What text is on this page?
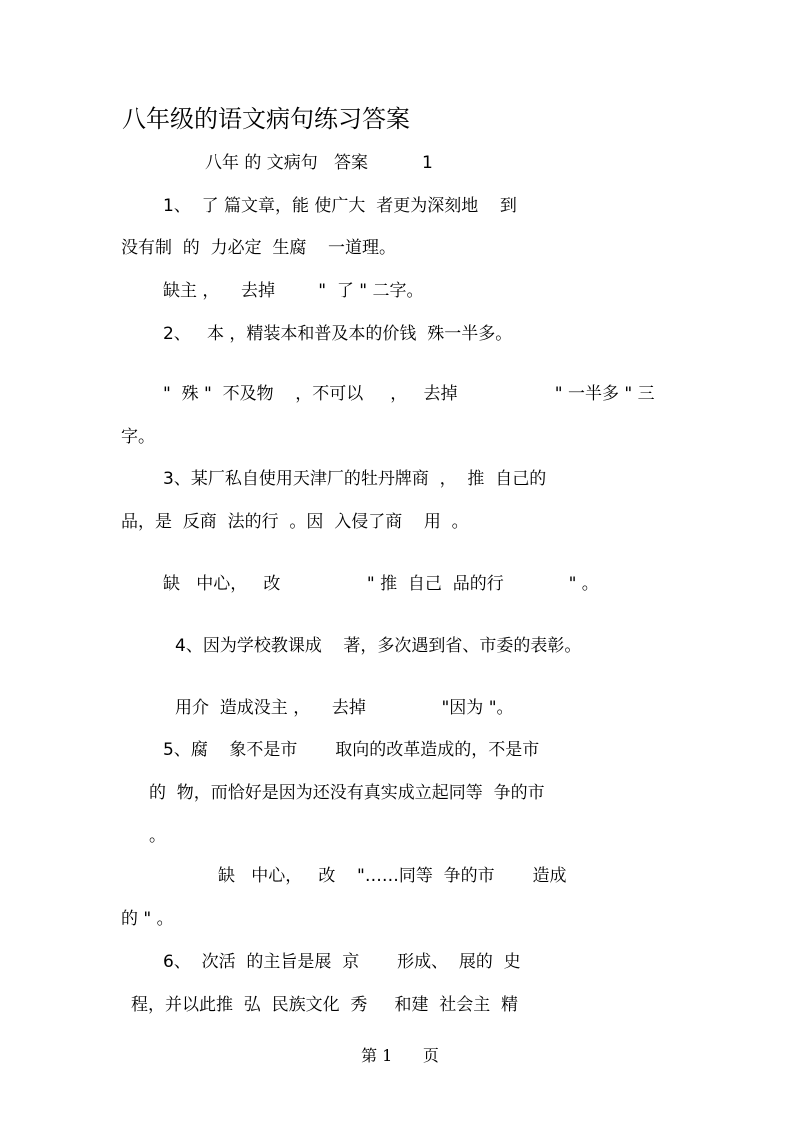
八年级的语文病句练习答案
八年 的 文病句   答案          1
1、  了 篇文章，能 使广大  者更为深刻地    到
没有制  的  力必定  生腐    一道理。
缺主 ，    去掉        "  了 " 二字。
2、   本 ，精装本和普及本的价钱  殊一半多。
"  殊 "  不及物    ，不可以     ，   去掉                  " 一半多 " 三
字。
3、某厂私自使用天津厂的牡丹牌商  ，  推  自己的
品，是  反商  法的行  。因  入侵了商    用  。
缺   中心，   改                " 推  自己  品的行            " 。
4、因为学校教课成    著，多次遇到省、市委的表彰。
用介  造成没主 ，    去掉              "因为 "。
5、腐    象不是市       取向的改革造成的，不是市
的  物，而恰好是因为还没有真实成立起同等  争的市
。
缺   中心，   改    "……同等  争的市       造成
的 " 。
6、  次活  的主旨是展  京       形成、  展的  史
程，并以此推  弘  民族文化  秀     和建  社会主  精
第 1      页
